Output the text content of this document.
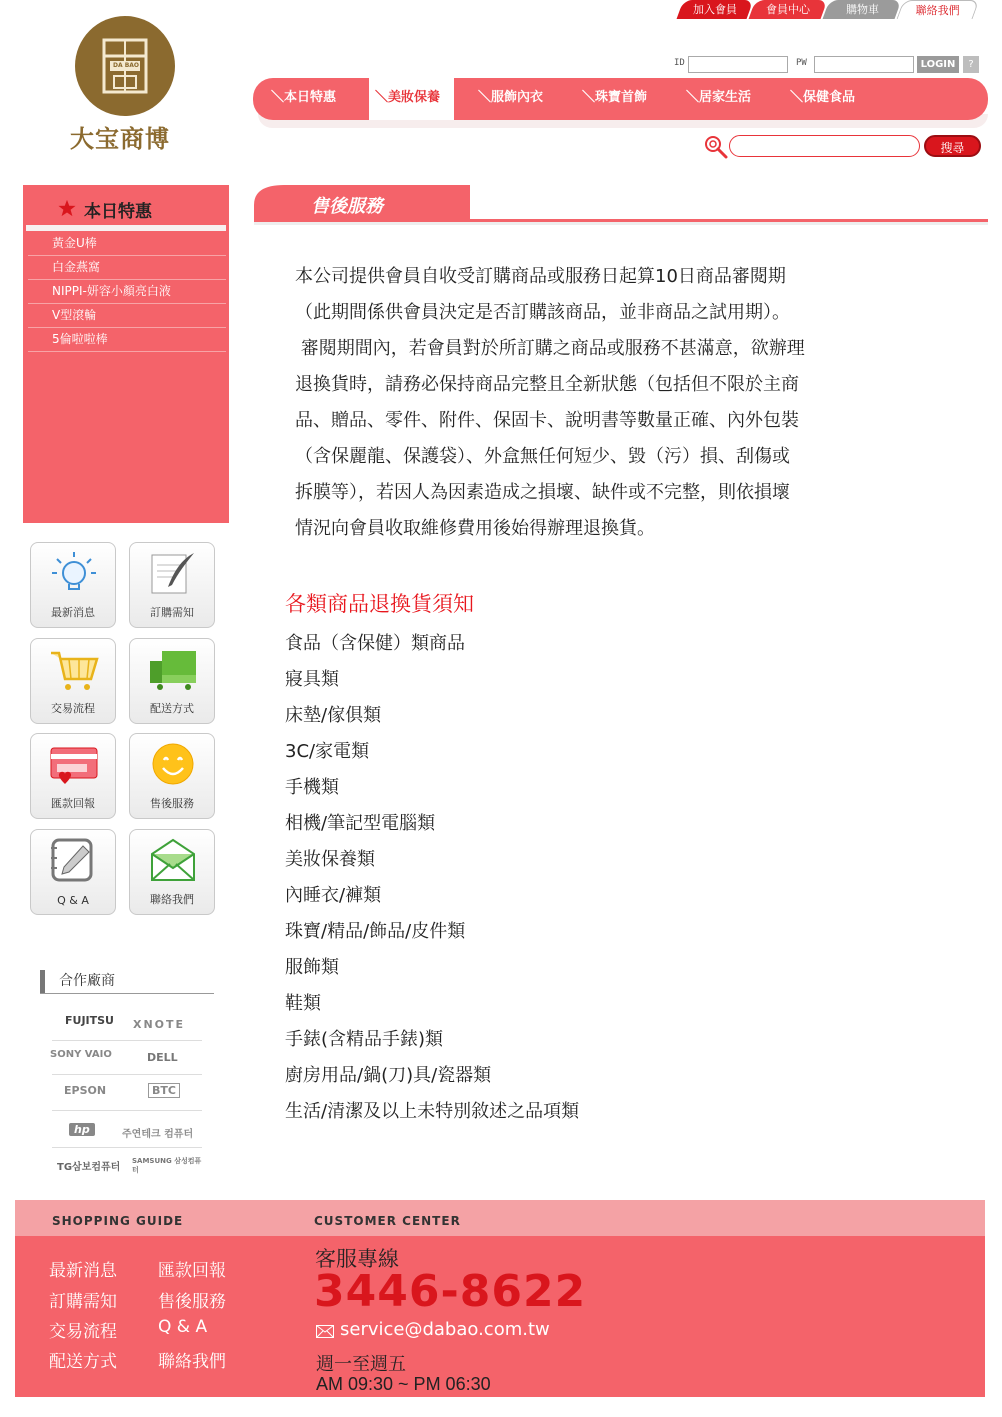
加入會員	會員中心	購物車	聯絡我們
DA BAO
大宝商博
ID	PW	LOGIN	?
＼本日特惠	＼美妝保養	＼服飾內衣	＼珠寶首飾	＼居家生活	＼保健食品
搜尋
本日特惠
黃金U棒
白金燕窩
NIPPI-妍容小顏亮白液
V型滾輪
5倫啦啦棒
最新消息	訂購需知
交易流程	配送方式
匯款回報	售後服務
Q & A	聯絡我們
合作廠商
FUJITSU XNOTE
SONY VAIO	DELL
EPSON	BTC
hp	주연테크 컴퓨터
TG삼보컴퓨터
SAMSUNG 삼성컴퓨터
售後服務
本公司提供會員自收受訂購商品或服務日起算10日商品審閱期
（此期間係供會員決定是否訂購該商品，並非商品之試用期）。
審閱期間內，若會員對於所訂購之商品或服務不甚滿意，欲辦理
退換貨時，請務必保持商品完整且全新狀態（包括但不限於主商
品、贈品、零件、附件、保固卡、說明書等數量正確、內外包裝
（含保麗龍、保護袋）、外盒無任何短少、毀（污）損、刮傷或
拆膜等），若因人為因素造成之損壞、缺件或不完整，則依損壞
情況向會員收取維修費用後始得辦理退換貨。
各類商品退換貨須知
食品（含保健）類商品
寢具類
床墊/傢俱類
3C/家電類
手機類
相機/筆記型電腦類
美妝保養類
內睡衣/褲類
珠寶/精品/飾品/皮件類
服飾類
鞋類
手錶(含精品手錶)類
廚房用品/鍋(刀)具/瓷器類
生活/清潔及以上未特別敘述之品項類
SHOPPING GUIDE	CUSTOMER CENTER
最新消息 匯款回報
訂購需知 售後服務
交易流程 Q & A
配送方式 聯絡我們
客服專線
3446-8622
service@dabao.com.tw
週一至週五
AM 09:30 ~ PM 06:30
